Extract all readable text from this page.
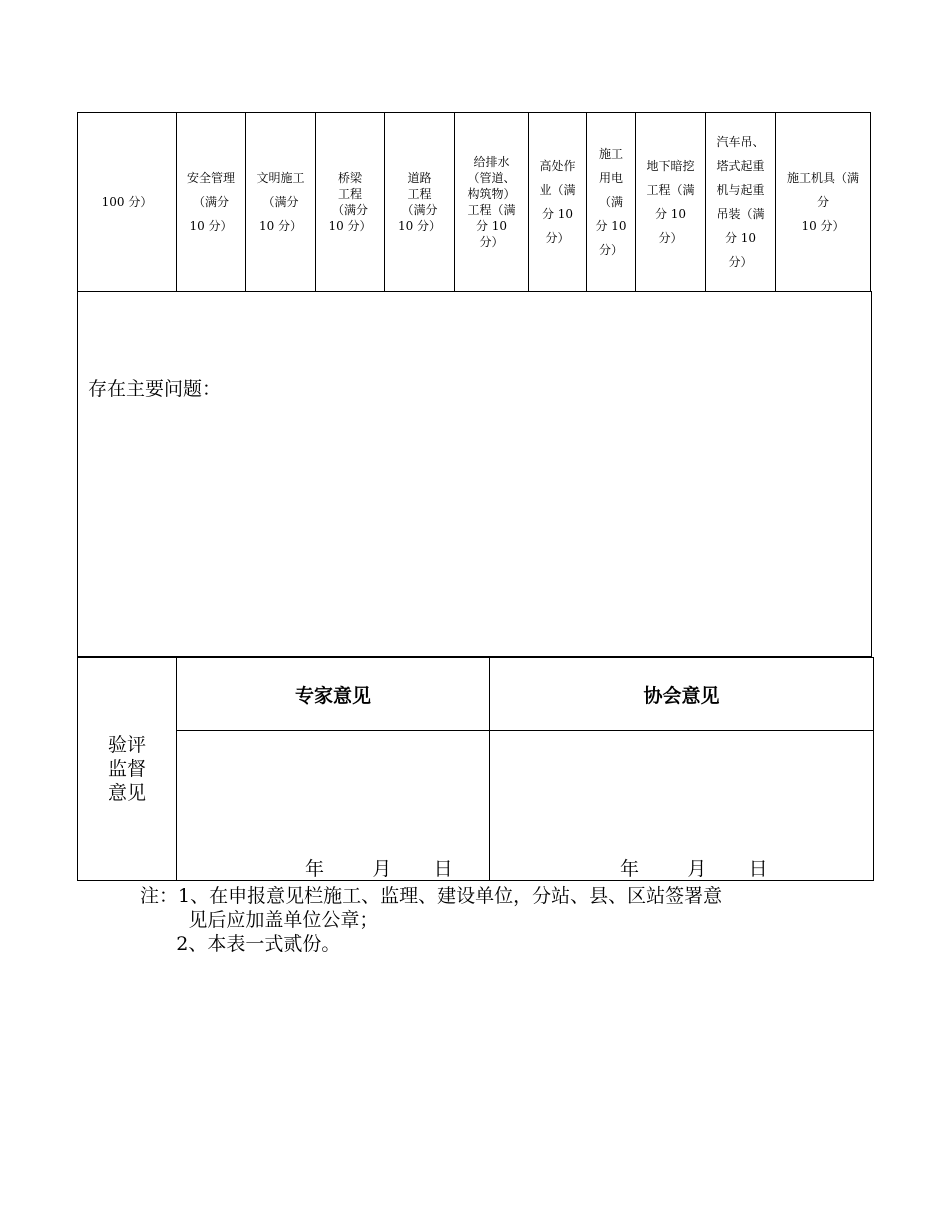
100 分）	安全管理
（满分
10 分）	文明施工
（满分
10 分）	桥梁
工程
（满分
10 分）	道路
工程
（满分
10 分）	给排水
（管道、
构筑物）
工程（满
分 10
分）	高处作
业（满
分 10
分）	施工
用电
（满
分 10
分）	地下暗挖
工程（满
分 10
分）	汽车吊、
塔式起重
机与起重
吊装（满
分 10
分）	施工机具（满
分
10 分）
存在主要问题：
验评
监督
意见	专家意见	协会意见

	年        月       日	年        月       日
注：1、在申报意见栏施工、监理、建设单位，分站、县、区站签署意
见后应加盖单位公章；
2、本表一式贰份。
